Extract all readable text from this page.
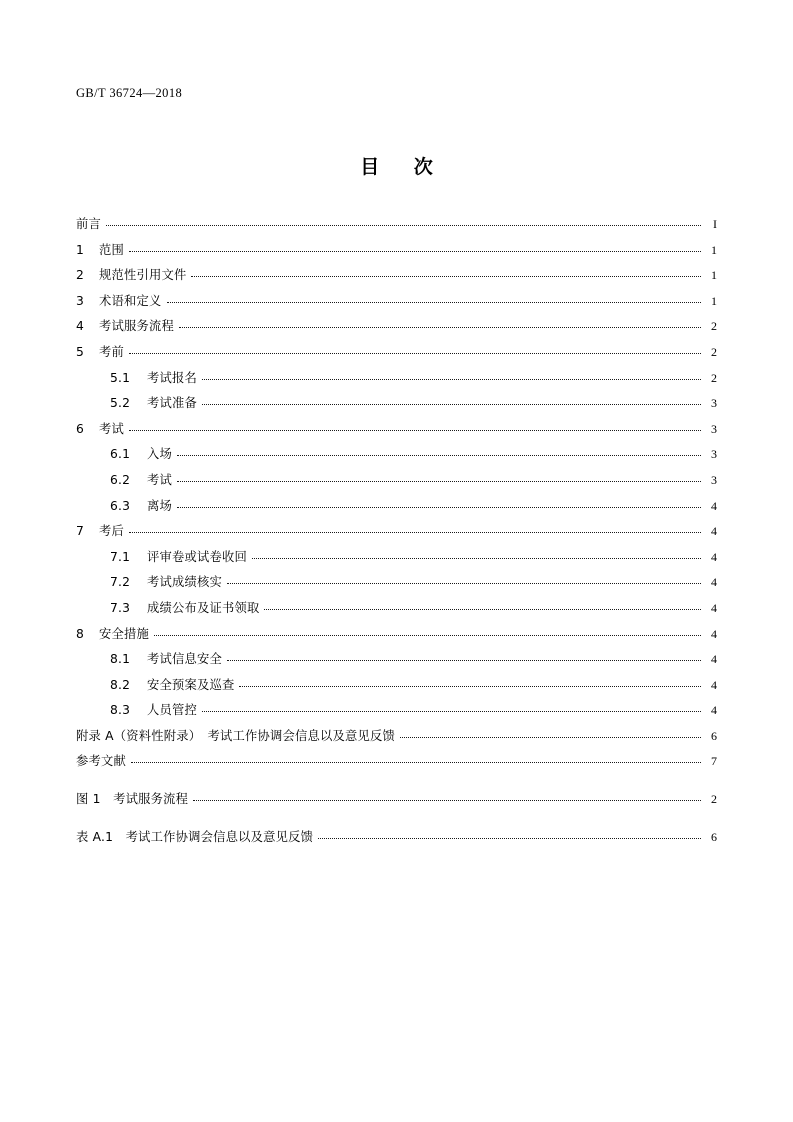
GB/T 36724—2018
目 次
前言	I
1 范围	1
2 规范性引用文件	1
3 术语和定义	1
4 考试服务流程	2
5 考前	2
5.1 考试报名	2
5.2 考试准备	3
6 考试	3
6.1 入场	3
6.2 考试	3
6.3 离场	4
7 考后	4
7.1 评审卷或试卷收回	4
7.2 考试成绩核实	4
7.3 成绩公布及证书领取	4
8 安全措施	4
8.1 考试信息安全	4
8.2 安全预案及巡查	4
8.3 人员管控	4
附录 A（资料性附录）　考试工作协调会信息以及意见反馈	6
参考文献	7
图 1　考试服务流程	2
表 A.1　考试工作协调会信息以及意见反馈	6
